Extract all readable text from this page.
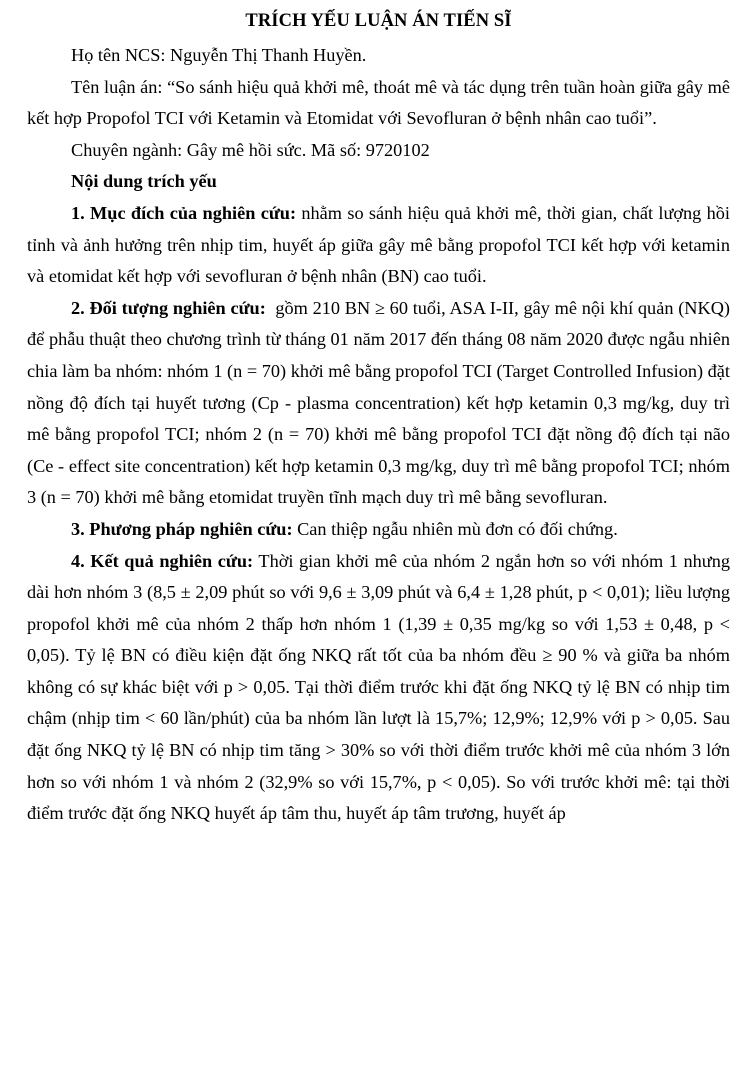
TRÍCH YẾU LUẬN ÁN TIẾN SĨ

Họ tên NCS: Nguyễn Thị Thanh Huyền.

Tên luận án: “So sánh hiệu quả khởi mê, thoát mê và tác dụng trên tuần hoàn giữa gây mê kết hợp Propofol TCI với Ketamin và Etomidat với Sevofluran ở bệnh nhân cao tuổi”.

Chuyên ngành: Gây mê hồi sức. Mã số: 9720102

Nội dung trích yếu

1. Mục đích của nghiên cứu: nhằm so sánh hiệu quả khởi mê, thời gian, chất lượng hồi tỉnh và ảnh hưởng trên nhịp tim, huyết áp giữa gây mê bằng propofol TCI kết hợp với ketamin và etomidat kết hợp với sevofluran ở bệnh nhân (BN) cao tuổi.

2. Đối tượng nghiên cứu:  gồm 210 BN ≥ 60 tuổi, ASA I-II, gây mê nội khí quản (NKQ) để phẫu thuật theo chương trình từ tháng 01 năm 2017 đến tháng 08 năm 2020 được ngẫu nhiên chia làm ba nhóm: nhóm 1 (n = 70) khởi mê bằng propofol TCI (Target Controlled Infusion) đặt nồng độ đích tại huyết tương (Cp - plasma concentration) kết hợp ketamin 0,3 mg/kg, duy trì mê bằng propofol TCI; nhóm 2 (n = 70) khởi mê bằng propofol TCI đặt nồng độ đích tại não (Ce - effect site concentration) kết hợp ketamin 0,3 mg/kg, duy trì mê bằng propofol TCI; nhóm 3 (n = 70) khởi mê bằng etomidat truyền tĩnh mạch duy trì mê bằng sevofluran.

3. Phương pháp nghiên cứu: Can thiệp ngẫu nhiên mù đơn có đối chứng.

4. Kết quả nghiên cứu: Thời gian khởi mê của nhóm 2 ngắn hơn so với nhóm 1 nhưng dài hơn nhóm 3 (8,5 ± 2,09 phút so với 9,6 ± 3,09 phút và 6,4 ± 1,28 phút, p < 0,01); liều lượng propofol khởi mê của nhóm 2 thấp hơn nhóm 1 (1,39 ± 0,35 mg/kg so với 1,53 ± 0,48, p < 0,05). Tỷ lệ BN có điều kiện đặt ống NKQ rất tốt của ba nhóm đều ≥ 90 % và giữa ba nhóm không có sự khác biệt với p > 0,05. Tại thời điểm trước khi đặt ống NKQ tỷ lệ BN có nhịp tim chậm (nhịp tim < 60 lần/phút) của ba nhóm lần lượt là 15,7%; 12,9%; 12,9% với p > 0,05. Sau đặt ống NKQ tỷ lệ BN có nhịp tim tăng > 30% so với thời điểm trước khởi mê của nhóm 3 lớn hơn so với nhóm 1 và nhóm 2 (32,9% so với 15,7%, p < 0,05). So với trước khởi mê: tại thời điểm trước đặt ống NKQ huyết áp tâm thu, huyết áp tâm trương, huyết áp
